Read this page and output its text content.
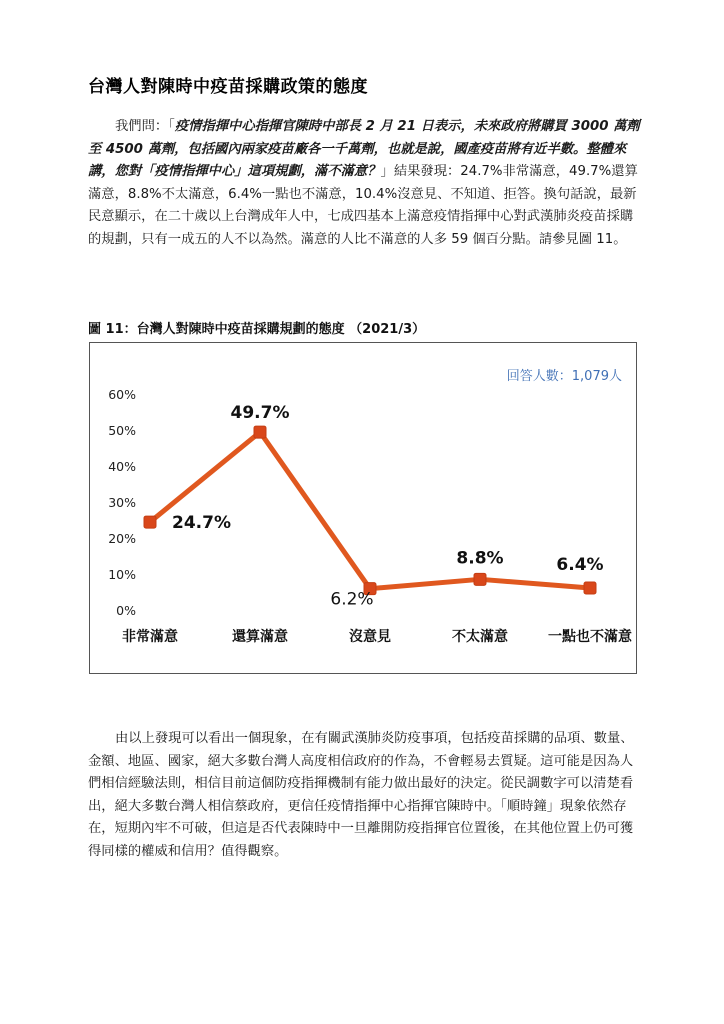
台灣人對陳時中疫苗採購政策的態度

我們問：「疫情指揮中心指揮官陳時中部長 2 月 21 日表示，未來政府將購買 3000 萬劑至 4500 萬劑，包括國內兩家疫苗廠各一千萬劑，也就是說，國產疫苗將有近半數。整體來講，您對「疫情指揮中心」這項規劃，滿不滿意？」結果發現：24.7%非常滿意，49.7%還算滿意，8.8%不太滿意，6.4%一點也不滿意，10.4%沒意見、不知道、拒答。換句話說，最新民意顯示，在二十歲以上台灣成年人中，七成四基本上滿意疫情指揮中心對武漢肺炎疫苗採購的規劃，只有一成五的人不以為然。滿意的人比不滿意的人多 59 個百分點。請參見圖 11。

圖 11：台灣人對陳時中疫苗採購規劃的態度 （2021/3）
回答人數：1,079人
0%
10%
20%
30%
40%
50%
60%
24.7%
49.7%
6.2%
8.8%	6.4%
非常滿意	還算滿意	沒意見	不太滿意	一點也不滿意

由以上發現可以看出一個現象，在有關武漢肺炎防疫事項，包括疫苗採購的品項、數量、金額、地區、國家，絕大多數台灣人高度相信政府的作為，不會輕易去質疑。這可能是因為人們相信經驗法則，相信目前這個防疫指揮機制有能力做出最好的決定。從民調數字可以清楚看出，絕大多數台灣人相信蔡政府，更信任疫情指揮中心指揮官陳時中。「順時鐘」現象依然存在，短期內牢不可破，但這是否代表陳時中一旦離開防疫指揮官位置後，在其他位置上仍可獲得同樣的權威和信用？值得觀察。
